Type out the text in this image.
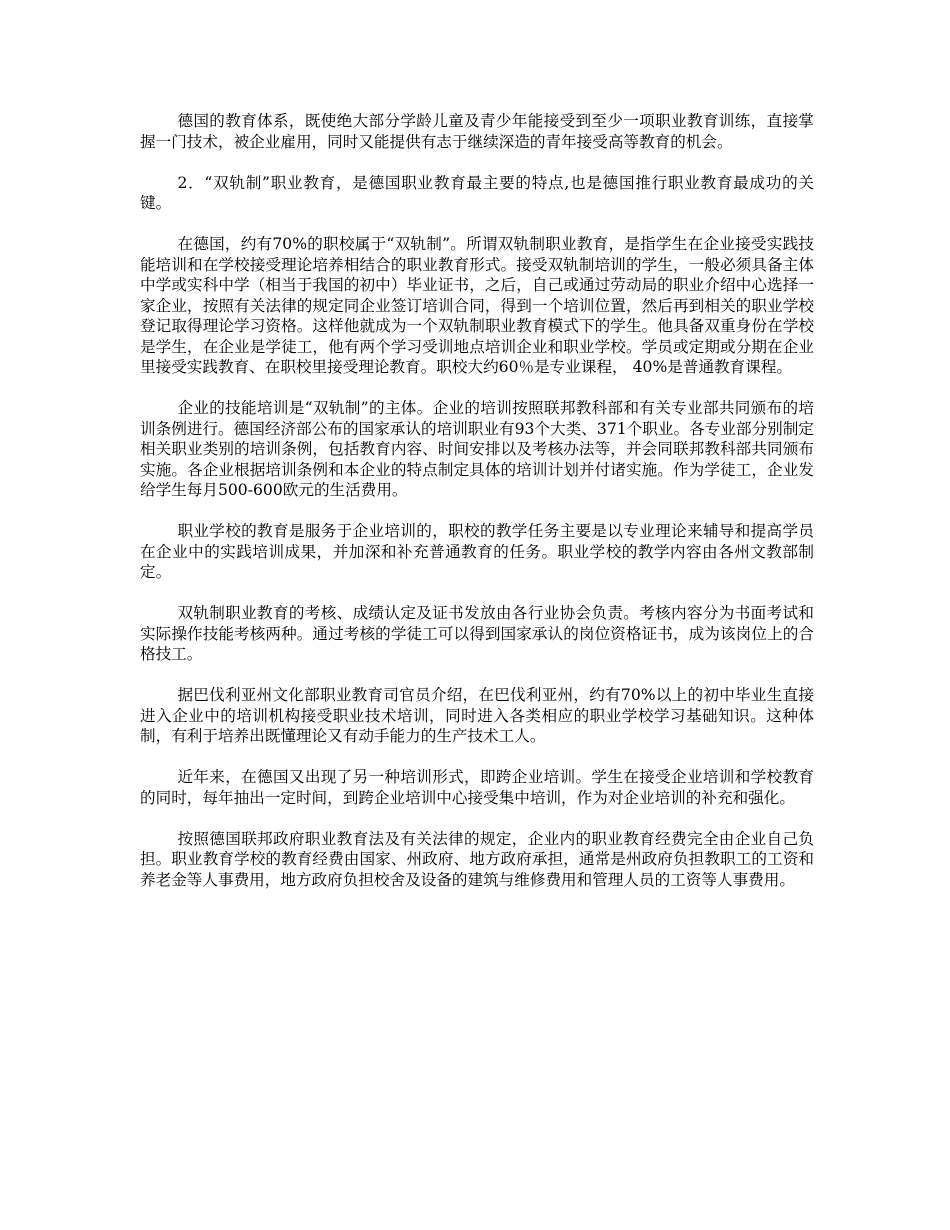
德国的教育体系，既使绝大部分学龄儿童及青少年能接受到至少一项职业教育训练，直接掌握一门技术，被企业雇用，同时又能提供有志于继续深造的青年接受高等教育的机会。

2．“双轨制”职业教育，是德国职业教育最主要的特点,也是德国推行职业教育最成功的关键。

在德国，约有70%的职校属于“双轨制”。所谓双轨制职业教育，是指学生在企业接受实践技能培训和在学校接受理论培养相结合的职业教育形式。接受双轨制培训的学生，一般必须具备主体中学或实科中学（相当于我国的初中）毕业证书，之后，自己或通过劳动局的职业介绍中心选择一家企业，按照有关法律的规定同企业签订培训合同，得到一个培训位置，然后再到相关的职业学校登记取得理论学习资格。这样他就成为一个双轨制职业教育模式下的学生。他具备双重身份在学校是学生，在企业是学徒工，他有两个学习受训地点培训企业和职业学校。学员或定期或分期在企业里接受实践教育、在职校里接受理论教育。职校大约60％是专业课程， 40%是普通教育课程。

企业的技能培训是“双轨制”的主体。企业的培训按照联邦教科部和有关专业部共同颁布的培训条例进行。德国经济部公布的国家承认的培训职业有93个大类、371个职业。各专业部分别制定相关职业类别的培训条例，包括教育内容、时间安排以及考核办法等，并会同联邦教科部共同颁布实施。各企业根据培训条例和本企业的特点制定具体的培训计划并付诸实施。作为学徒工，企业发给学生每月500-600欧元的生活费用。

职业学校的教育是服务于企业培训的，职校的教学任务主要是以专业理论来辅导和提高学员在企业中的实践培训成果，并加深和补充普通教育的任务。职业学校的教学内容由各州文教部制定。

双轨制职业教育的考核、成绩认定及证书发放由各行业协会负责。考核内容分为书面考试和实际操作技能考核两种。通过考核的学徒工可以得到国家承认的岗位资格证书，成为该岗位上的合格技工。

据巴伐利亚州文化部职业教育司官员介绍，在巴伐利亚州，约有70%以上的初中毕业生直接进入企业中的培训机构接受职业技术培训，同时进入各类相应的职业学校学习基础知识。这种体制，有利于培养出既懂理论又有动手能力的生产技术工人。

近年来，在德国又出现了另一种培训形式，即跨企业培训。学生在接受企业培训和学校教育的同时，每年抽出一定时间，到跨企业培训中心接受集中培训，作为对企业培训的补充和强化。

按照德国联邦政府职业教育法及有关法律的规定，企业内的职业教育经费完全由企业自己负担。职业教育学校的教育经费由国家、州政府、地方政府承担，通常是州政府负担教职工的工资和养老金等人事费用，地方政府负担校舍及设备的建筑与维修费用和管理人员的工资等人事费用。
